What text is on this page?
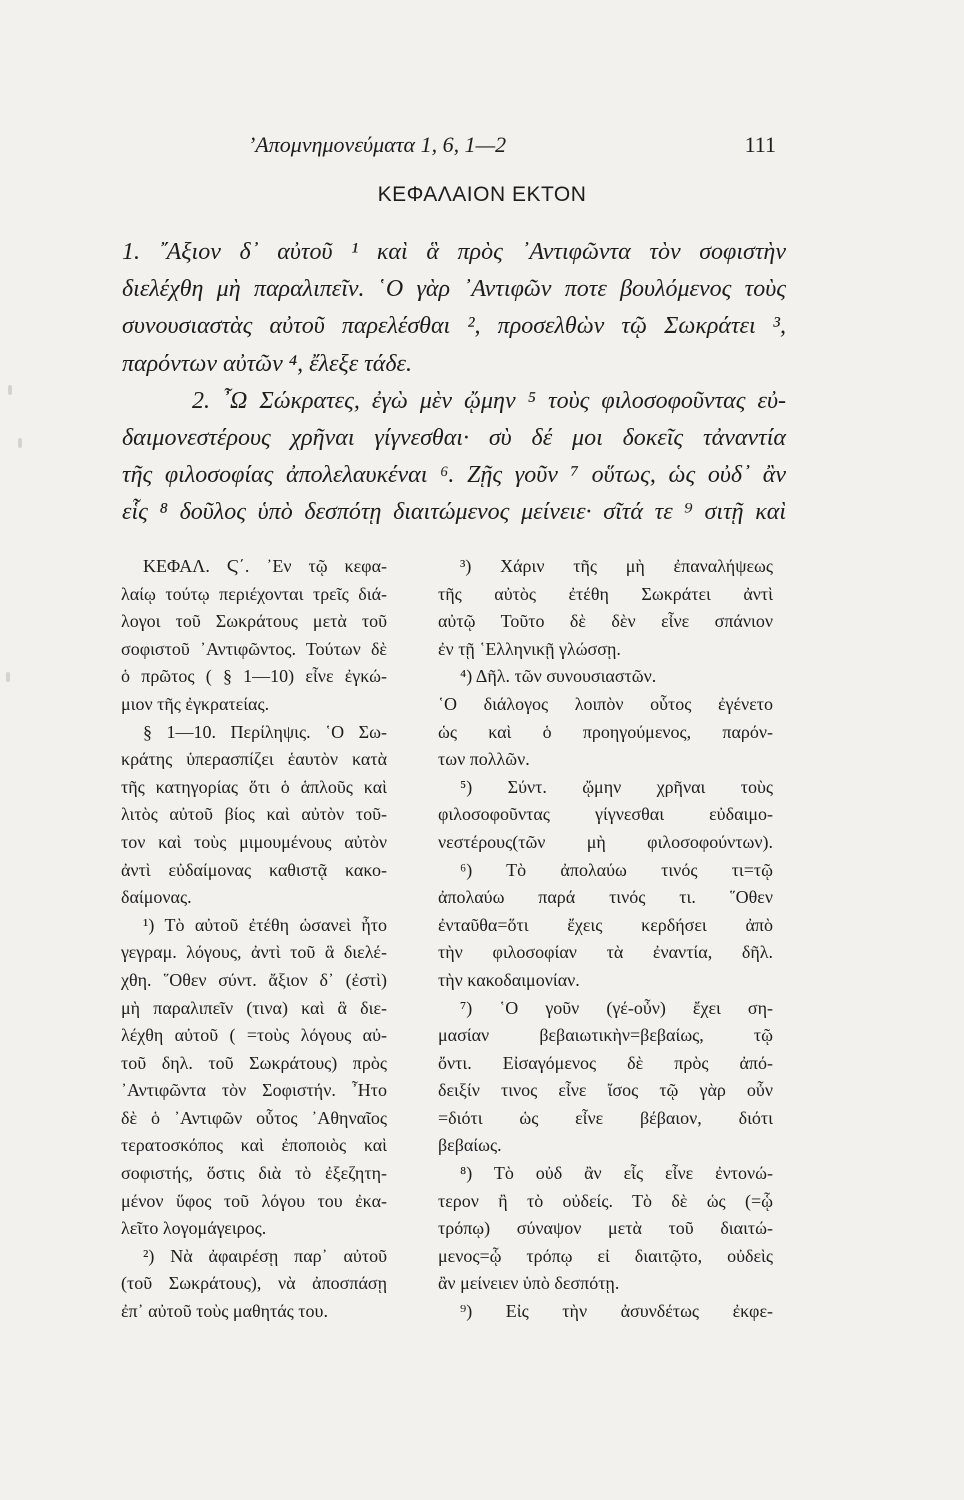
’Απομνημονεύματα 1, 6, 1—2	111
ΚΕΦΑΛΑΙΟΝ ΕΚΤΟΝ
1. ῎Αξιον δ᾽ αὐτοῦ ¹ καὶ ἃ πρὸς ᾿Αντιφῶντα τὸν σοφιστὴν
διελέχθη μὴ παραλιπεῖν. ῾Ο γὰρ ᾿Αντιφῶν ποτε βουλόμενος τοὺς
συνουσιαστὰς αὐτοῦ παρελέσθαι ², προσελθὼν τῷ Σωκράτει ³,
παρόντων αὐτῶν ⁴, ἔλεξε τάδε.
2. ῏Ω Σώκρατες, ἐγὼ μὲν ᾤμην ⁵ τοὺς φιλοσοφοῦντας εὐ-
δαιμονεστέρους χρῆναι γίγνεσθαι· σὺ δέ μοι δοκεῖς τἀναντία
τῆς φιλοσοφίας ἀπολελαυκέναι ⁶. Ζῇς γοῦν ⁷ οὕτως, ὡς οὐδ᾽ ἂν
εἷς ⁸ δοῦλος ὑπὸ δεσπότῃ διαιτώμενος μείνειε· σῖτά τε ⁹ σιτῇ καὶ
ΚΕΦΑΛ. Ϛ΄. ᾽Εν τῷ κεφα-
λαίῳ τούτῳ περιέχονται τρεῖς διά-
λογοι τοῦ Σωκράτους μετὰ τοῦ
σοφιστοῦ ᾽Αντιφῶντος. Τούτων δὲ
ὁ πρῶτος ( § 1—10) εἶνε ἐγκώ-
μιον τῆς ἐγκρατείας.
§ 1—10. Περίληψις. ῾Ο Σω-
κράτης ὑπερασπίζει ἑαυτὸν κατὰ
τῆς κατηγορίας ὅτι ὁ ἁπλοῦς καὶ
λιτὸς αὐτοῦ βίος καὶ αὐτὸν τοῦ-
τον καὶ τοὺς μιμουμένους αὐτὸν
ἀντὶ εὐδαίμονας καθιστᾷ κακο-
δαίμονας.
¹) Τὸ αὐτοῦ ἐτέθη ὡσανεὶ ἦτο
γεγραμ. λόγους, ἀντὶ τοῦ ἃ διελέ-
χθη. ῞Οθεν σύντ. ἄξιον δ᾽ (ἐστὶ)
μὴ παραλιπεῖν (τινα) καὶ ἃ διε-
λέχθη αὐτοῦ ( =τοὺς λόγους αὐ-
τοῦ δηλ. τοῦ Σωκράτους) πρὸς
᾽Αντιφῶντα τὸν Σοφιστήν. ῏Ητο
δὲ ὁ ᾽Αντιφῶν οὗτος ᾽Αθηναῖος
τερατοσκόπος καὶ ἐποποιὸς καὶ
σοφιστής, ὅστις διὰ τὸ ἐξεζητη-
μένον ὕφος τοῦ λόγου του ἐκα-
λεῖτο λογομάγειρος.
²) Νὰ ἀφαιρέσῃ παρ᾽ αὐτοῦ
(τοῦ Σωκράτους), νὰ ἀποσπάσῃ
ἐπ᾽ αὐτοῦ τοὺς μαθητάς του.
³) Χάριν τῆς μὴ ἐπαναλήψεως
τῆς αὐτὸς ἐτέθη Σωκράτει ἀντὶ
αὐτῷ Τοῦτο δὲ δὲν εἶνε σπάνιον
ἐν τῇ ῾Ελληνικῇ γλώσσῃ.
⁴) Δῆλ. τῶν συνουσιαστῶν.
῾Ο διάλογος λοιπὸν οὗτος ἐγένετο
ὡς καὶ ὁ προηγούμενος, παρόν-
των πολλῶν.
⁵) Σύντ. ᾤμην χρῆναι τοὺς
φιλοσοφοῦντας γίγνεσθαι εὐδαιμο-
νεστέρους(τῶν μὴ φιλοσοφούντων).
⁶) Τὸ ἀπολαύω τινός τι=τῷ
ἀπολαύω παρά τινός τι. ῞Οθεν
ἐνταῦθα=ὅτι ἔχεις κερδήσει ἀπὸ
τὴν φιλοσοφίαν τὰ ἐναντία, δῆλ.
τὴν κακοδαιμονίαν.
⁷) ῾Ο γοῦν (γέ-οὖν) ἔχει ση-
μασίαν βεβαιωτικὴν=βεβαίως, τῷ
ὄντι. Εἰσαγόμενος δὲ πρὸς ἀπό-
δειξίν τινος εἶνε ἴσος τῷ γὰρ οὖν
=διότι ὡς εἶνε βέβαιον, διότι
βεβαίως.
⁸) Τὸ οὐδ ἂν εἷς εἶνε ἐντονώ-
τερον ἢ τὸ οὐδείς. Τὸ δὲ ὡς (=ᾧ
τρόπῳ) σύναψον μετὰ τοῦ διαιτώ-
μενος=ᾧ τρόπῳ εἰ διαιτῷτο, οὐδεὶς
ἂν μείνειεν ὑπὸ δεσπότῃ.
⁹) Εἰς τὴν ἀσυνδέτως ἐκφε-
